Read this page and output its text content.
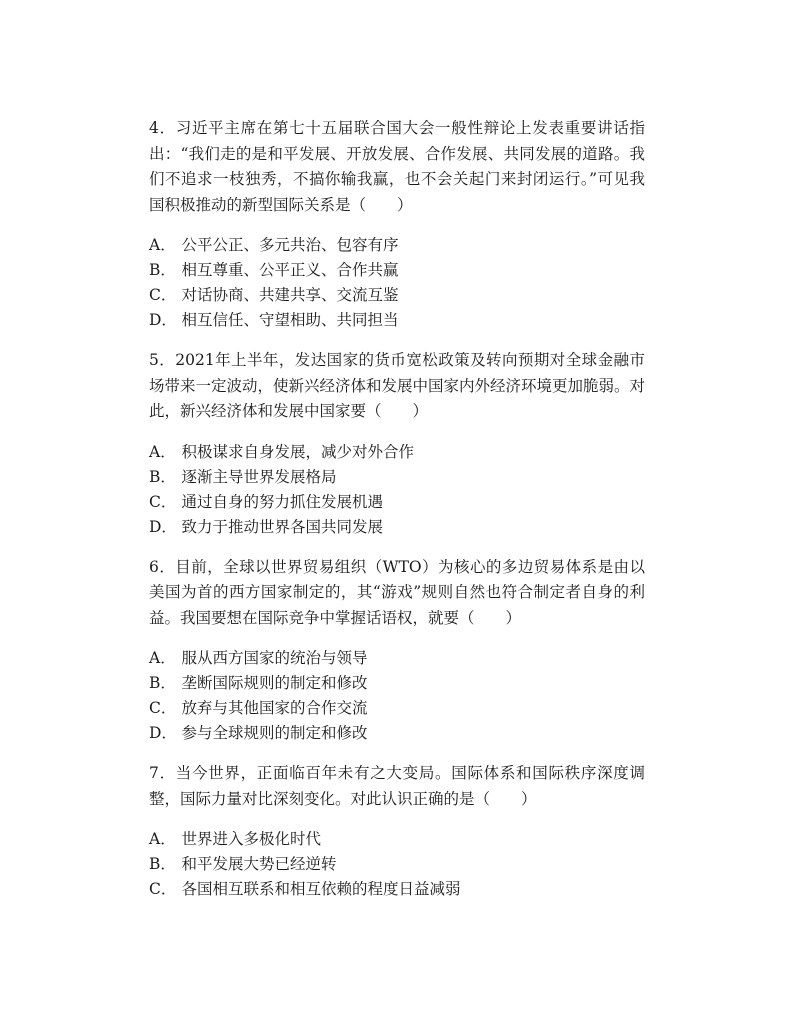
4．习近平主席在第七十五届联合国大会一般性辩论上发表重要讲话指出：“我们走的是和平发展、开放发展、合作发展、共同发展的道路。我们不追求一枝独秀，不搞你输我赢，也不会关起门来封闭运行。”可见我国积极推动的新型国际关系是（　　）

A． 公平公正、多元共治、包容有序
B． 相互尊重、公平正义、合作共赢
C． 对话协商、共建共享、交流互鉴
D． 相互信任、守望相助、共同担当

5．2021年上半年，发达国家的货币宽松政策及转向预期对全球金融市场带来一定波动，使新兴经济体和发展中国家内外经济环境更加脆弱。对此，新兴经济体和发展中国家要（　　）

A． 积极谋求自身发展，减少对外合作
B． 逐渐主导世界发展格局
C． 通过自身的努力抓住发展机遇
D． 致力于推动世界各国共同发展

6．目前，全球以世界贸易组织（WTO）为核心的多边贸易体系是由以美国为首的西方国家制定的，其“游戏”规则自然也符合制定者自身的利益。我国要想在国际竞争中掌握话语权，就要（　　）

A． 服从西方国家的统治与领导
B． 垄断国际规则的制定和修改
C． 放弃与其他国家的合作交流
D． 参与全球规则的制定和修改

7．当今世界，正面临百年未有之大变局。国际体系和国际秩序深度调整，国际力量对比深刻变化。对此认识正确的是（　　）

A． 世界进入多极化时代
B． 和平发展大势已经逆转
C． 各国相互联系和相互依赖的程度日益减弱
